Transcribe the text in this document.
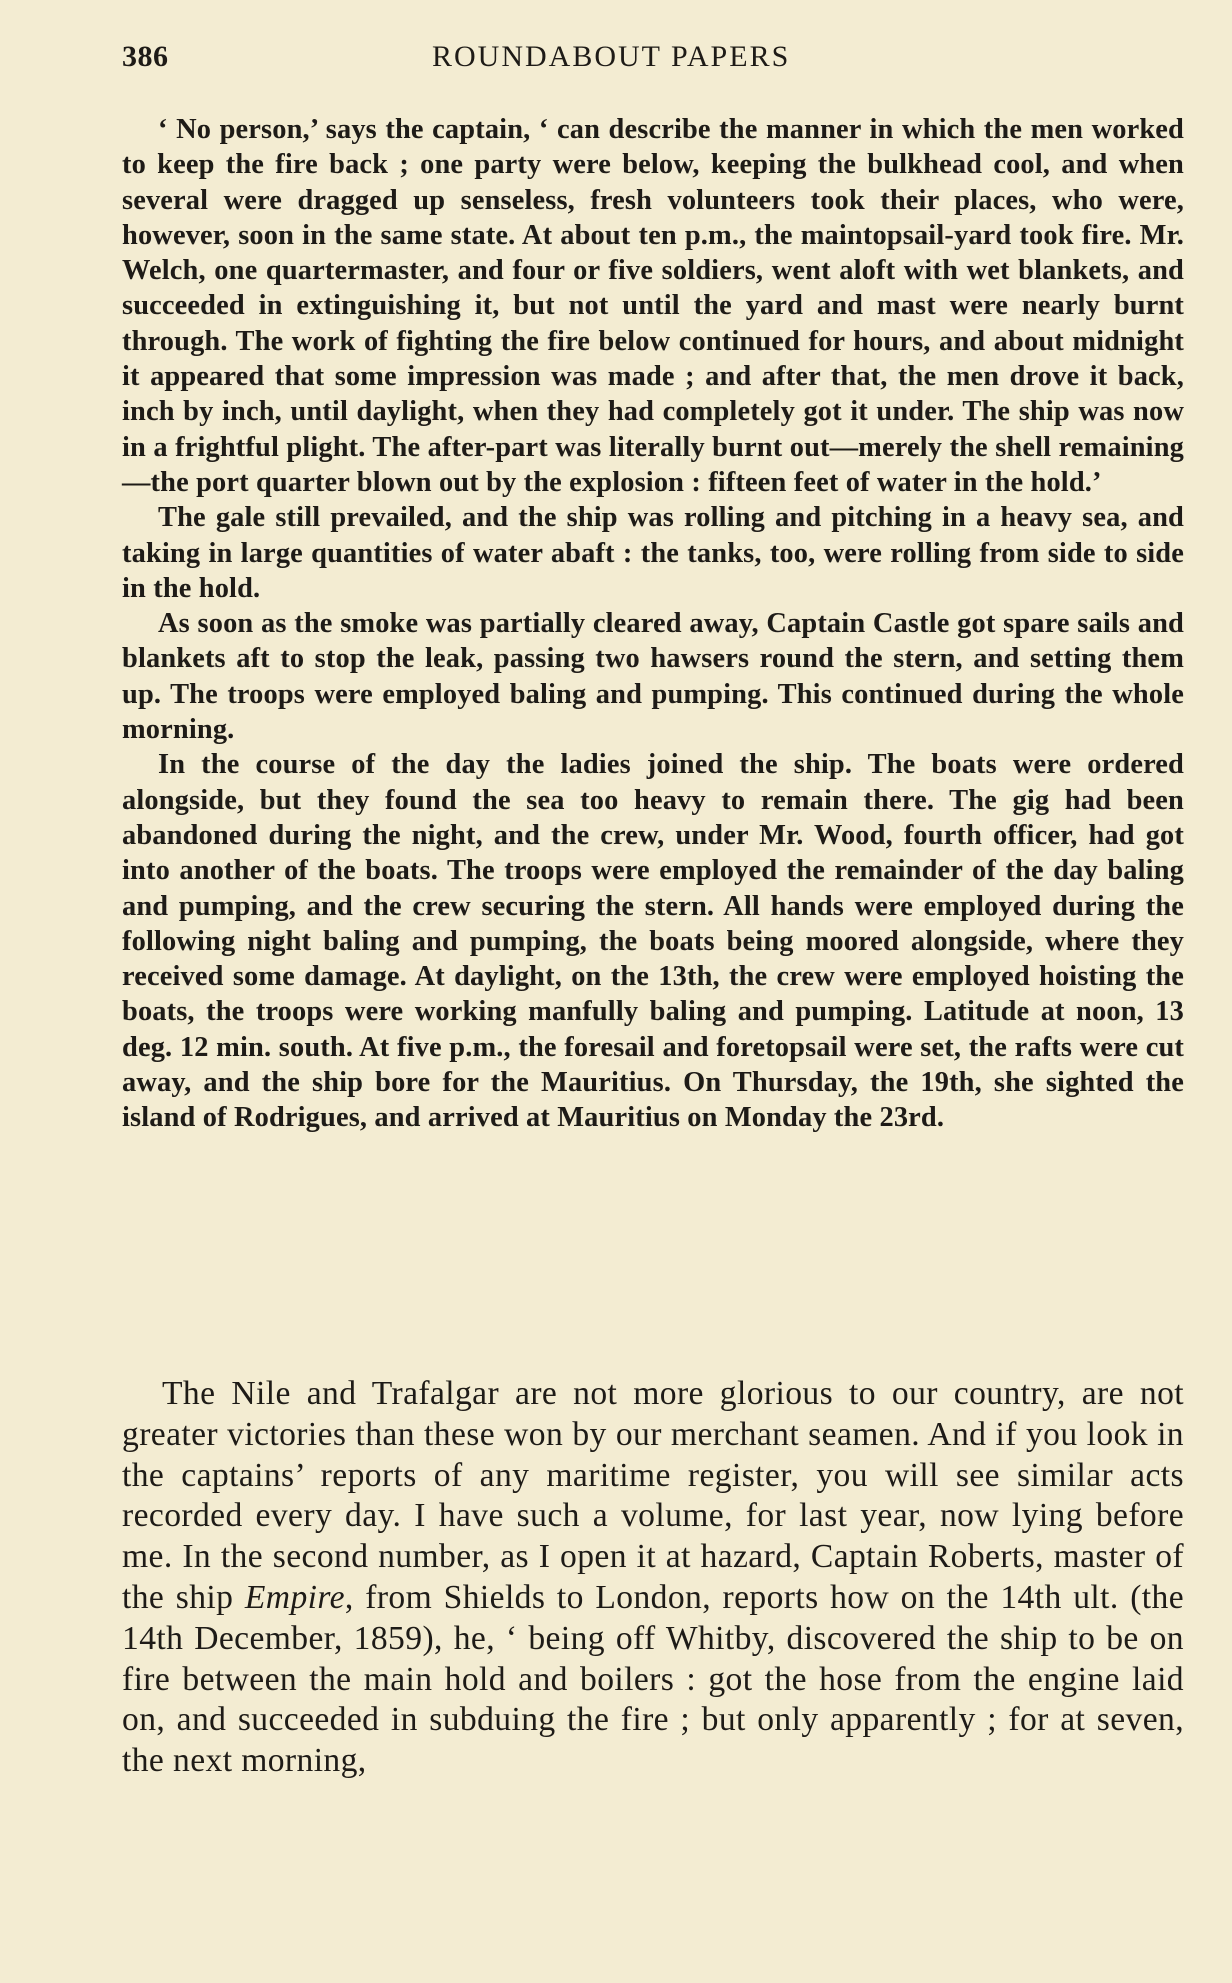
386	ROUNDABOUT PAPERS

‘ No person,’ says the captain, ‘ can describe the manner in which the men worked to keep the fire back ; one party were below, keeping the bulkhead cool, and when several were dragged up senseless, fresh volunteers took their places, who were, however, soon in the same state. At about ten p.m., the maintopsail-yard took fire. Mr. Welch, one quartermaster, and four or five soldiers, went aloft with wet blankets, and succeeded in extinguishing it, but not until the yard and mast were nearly burnt through. The work of fighting the fire below continued for hours, and about midnight it appeared that some impression was made ; and after that, the men drove it back, inch by inch, until daylight, when they had completely got it under. The ship was now in a frightful plight. The after-part was literally burnt out—merely the shell remaining—the port quarter blown out by the explosion : fifteen feet of water in the hold.’

The gale still prevailed, and the ship was rolling and pitching in a heavy sea, and taking in large quantities of water abaft : the tanks, too, were rolling from side to side in the hold.

As soon as the smoke was partially cleared away, Captain Castle got spare sails and blankets aft to stop the leak, passing two hawsers round the stern, and setting them up. The troops were employed baling and pumping. This continued during the whole morning.

In the course of the day the ladies joined the ship. The boats were ordered alongside, but they found the sea too heavy to remain there. The gig had been abandoned during the night, and the crew, under Mr. Wood, fourth officer, had got into another of the boats. The troops were employed the remainder of the day baling and pumping, and the crew securing the stern. All hands were employed during the following night baling and pumping, the boats being moored alongside, where they received some damage. At daylight, on the 13th, the crew were employed hoisting the boats, the troops were working manfully baling and pumping. Latitude at noon, 13 deg. 12 min. south. At five p.m., the foresail and foretopsail were set, the rafts were cut away, and the ship bore for the Mauritius. On Thursday, the 19th, she sighted the island of Rodrigues, and arrived at Mauritius on Monday the 23rd.

The Nile and Trafalgar are not more glorious to our country, are not greater victories than these won by our merchant seamen. And if you look in the captains’ reports of any maritime register, you will see similar acts recorded every day. I have such a volume, for last year, now lying before me. In the second number, as I open it at hazard, Captain Roberts, master of the ship Empire, from Shields to London, reports how on the 14th ult. (the 14th December, 1859), he, ‘ being off Whitby, discovered the ship to be on fire between the main hold and boilers : got the hose from the engine laid on, and succeeded in subduing the fire ; but only apparently ; for at seven, the next morning,
